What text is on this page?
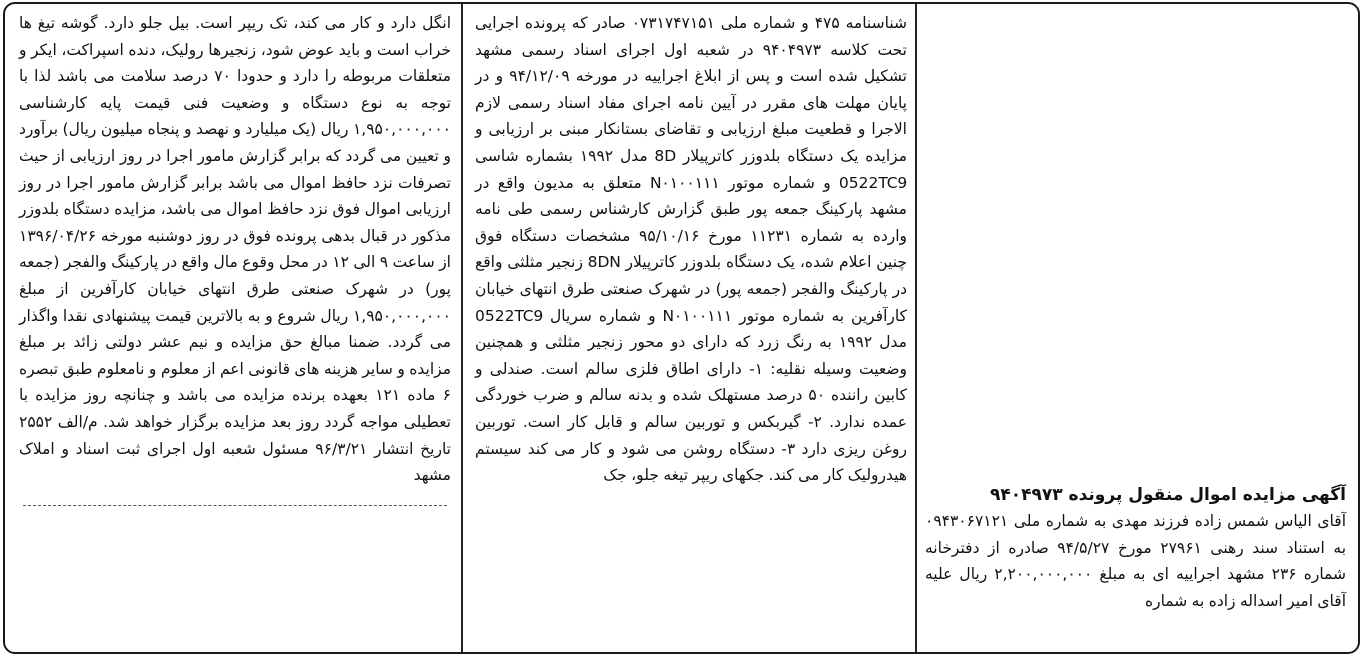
انگل دارد و کار می کند، تک ریپر است. بیل جلو دارد. گوشه تیغ ها خراب است و باید عوض شود، زنجیرها رولیک، دنده اسپراکت، ایکر و متعلقات مربوطه را دارد و حدودا ۷۰ درصد سلامت می باشد لذا با توجه به نوع دستگاه و وضعیت فنی قیمت پایه کارشناسی ۱,۹۵۰,۰۰۰,۰۰۰ ریال (یک میلیارد و نهصد و پنجاه میلیون ریال) برآورد و تعیین می گردد که برابر گزارش مامور اجرا در روز ارزیابی از حیث تصرفات نزد حافظ اموال می باشد برابر گزارش مامور اجرا در روز ارزیابی اموال فوق نزد حافظ اموال می باشد، مزایده دستگاه بلدوزر مذکور در قبال بدهی پرونده فوق در روز دوشنبه مورخه ۱۳۹۶/۰۴/۲۶ از ساعت ۹ الی ۱۲ در محل وقوع مال واقع در پارکینگ والفجر (جمعه پور) در شهرک صنعتی طرق انتهای خیابان کارآفرین از مبلغ ۱,۹۵۰,۰۰۰,۰۰۰ ریال شروع و به بالاترین قیمت پیشنهادی نقدا واگذار می گردد. ضمنا مبالغ حق مزایده و نیم عشر دولتی زائد بر مبلغ مزایده و سایر هزینه های قانونی اعم از معلوم و نامعلوم طبق تبصره ۶ ماده ۱۲۱ بعهده برنده مزایده می باشد و چنانچه روز مزایده با تعطیلی مواجه گردد روز بعد مزایده برگزار خواهد شد. م/الف ۲۵۵۲ تاریخ انتشار ۹۶/۳/۲۱ مسئول شعبه اول اجرای ثبت اسناد و املاک مشهد

شناسنامه ۴۷۵ و شماره ملی ۰۷۳۱۷۴۷۱۵۱ صادر که پرونده اجرایی تحت کلاسه ۹۴۰۴۹۷۳ در شعبه اول اجرای اسناد رسمی مشهد تشکیل شده است و پس از ابلاغ اجراییه در مورخه ۹۴/۱۲/۰۹ و در پایان مهلت های مقرر در آیین نامه اجرای مفاد اسناد رسمی لازم الاجرا و قطعیت مبلغ ارزیابی و تقاضای بستانکار مبنی بر ارزیابی و مزایده یک دستگاه بلدوزر کاترپیلار 8D مدل ۱۹۹۲ بشماره شاسی 0522TC9 و شماره موتور N۰۱۰۰۱۱۱ متعلق به مدیون واقع در مشهد پارکینگ جمعه پور طبق گزارش کارشناس رسمی طی نامه وارده به شماره ۱۱۲۳۱ مورخ ۹۵/۱۰/۱۶ مشخصات دستگاه فوق چنین اعلام شده، یک دستگاه بلدوزر کاترپیلار 8DN زنجیر مثلثی واقع در پارکینگ والفجر (جمعه پور) در شهرک صنعتی طرق انتهای خیابان کارآفرین به شماره موتور N۰۱۰۰۱۱۱ و شماره سریال 0522TC9 مدل ۱۹۹۲ به رنگ زرد که دارای دو محور زنجیر مثلثی و همچنین وضعیت وسیله نقلیه: ۱- دارای اطاق فلزی سالم است. صندلی و کابین راننده ۵۰ درصد مستهلک شده و بدنه سالم و ضرب خوردگی عمده ندارد. ۲- گیربکس و توربین سالم و قابل کار است. توربین روغن ریزی دارد ۳- دستگاه روشن می شود و کار می کند سیستم هیدرولیک کار می کند. جکهای ریپر تیغه جلو، جک

آگهی مزایده اموال منقول پرونده ۹۴۰۴۹۷۳

آقای الیاس شمس زاده فرزند مهدی به شماره ملی ۰۹۴۳۰۶۷۱۲۱ به استناد سند رهنی ۲۷۹۶۱ مورخ ۹۴/۵/۲۷ صادره از دفترخانه شماره ۲۳۶ مشهد اجراییه ای به مبلغ ۲,۲۰۰,۰۰۰,۰۰۰ ریال علیه آقای امیر اسداله زاده به شماره
